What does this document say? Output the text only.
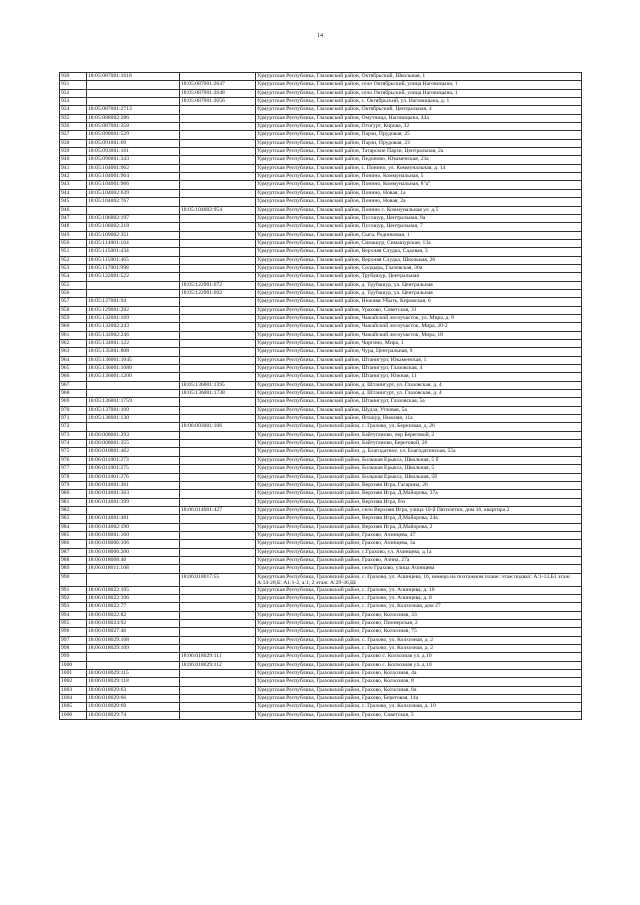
14
930	18:05:087001:1618		Удмуртская Республика, Глазовский район, Октябрьский, Школьная, 1
931		18:05:087001:2647	Удмуртская Республика, Глазовский район, село Октябрьский, улица Наговицына, 1
932		18:05:087001:2648	Удмуртская Республика, Глазовский район, село Октябрьский, улица Наговицына, 1
933		18:05:087001:2656	Удмуртская Республика, Глазовский район, с. Октябрьский, ул. Наговицына, д. 1
934	18:05:087001:2713		Удмуртская Республика, Глазовский район, Октябрьский, Центральная, 4
935	18:05:088002:286		Удмуртская Республика, Глазовский район, Омутница, Наговицына, 44а
936	18:05:087001:358		Удмуртская Республика, Глазовский район, Отогурт, Кирова, 32
937	18:05:090001:529		Удмуртская Республика, Глазовский район, Парзи, Прудовая, 25
938	18:05:091001:69		Удмуртская Республика, Глазовский район, Парзи, Прудовая, 23
939	18:05:093001:161		Удмуртская Республика, Глазовский район, Татарские Парзи, Центральная, 2а
940	18:05:096001:343		Удмуртская Республика, Глазовский район, Педоново, Юкаменская, 23а
941	18:05:104001:962		Удмуртская Республика, Глазовский район, с. Понино, ул. Коммунальная, д. 14
942	18:05:104001:964		Удмуртская Республика, Глазовский район, Понино, Коммунальная, 5
943	18:05:104001:966		Удмуртская Республика, Глазовский район, Понино, Коммунальная, 8"а"
944	18:05:104002:639		Удмуртская Республика, Глазовский район, Понино, Новая, 1а
945	18:05:104002:767		Удмуртская Республика, Глазовский район, Понино, Новая, 2а
946		18:05:104002:954	Удмуртская Республика, Глазовский район, Понино с. Коммунальная ул. д.5
947	18:05:106002:197		Удмуртская Республика, Глазовский район, Пусошур, Центральная, 9а
948	18:05:106002:218		Удмуртская Республика, Глазовский район, Пусошур, Центральная, 7
949	18:05:109002:351		Удмуртская Республика, Глазовский район, Сыга, Родниковая, 1
950	18:05:114001:164		Удмуртская Республика, Глазовский район, Симашур, Симашурская, 13а
951	18:05:115001:434		Удмуртская Республика, Глазовский район, Верхняя Слудка, Садовая, 3
952	18:05:115001:465		Удмуртская Республика, Глазовский район, Верхняя Слудка, Школьная, 26
953	18:05:117001:998		Удмуртская Республика, Глазовский район, Солдырь, Глазовская, 30а
954	18:05:122001:522		Удмуртская Республика, Глазовский район, Трубашур, Центральная
955		18:05:122001:672	Удмуртская Республика, Глазовский район, д. Трубашур, ул. Центральная
956		18:05:122001:692	Удмуртская Республика, Глазовский район, д. Трубашур, ул. Центральная
957	18:05:127001:94		Удмуртская Республика, Глазовский район, Нижняя Убыть, Кировская, 6
958	18:05:129001:282		Удмуртская Республика, Глазовский район, Урахово, Советская, 31
959	18:05:132001:169		Удмуртская Республика, Глазовский район, Чажайский лесоучасток, ул. Мира, д. 9
960	18:05:132002:243		Удмуртская Республика, Глазовский район, Чажайский лесоучасток, Мира, 20-2
961	18:05:132002:246		Удмуртская Республика, Глазовский район, Чажайский лесоучасток, Мира, 18
962	18:05:134001:122		Удмуртская Республика, Глазовский район, Чиргино, Мира, 1
963	18:05:135001:808		Удмуртская Республика, Глазовский район, Чура, Центральная, 9
964	18:05:136001:1045		Удмуртская Республика, Глазовский район, Штанигурт, Юкаменская, 1
965	18:05:136001:1080		Удмуртская Республика, Глазовский район, Штанигурт, Глазовская, 4
966	18:05:136001:1200		Удмуртская Республика, Глазовский район, Штанигурт, Южная, 11
967		18:05:136001:1395	Удмуртская Республика, Глазовский район, д. Штанигурт, ул. Глазовская, д. 4
968		18:05:136001:1738	Удмуртская Республика, Глазовский район, д. Штанигурт, ул. Глазовская, д. 4
969	18:05:136001:1759		Удмуртская Республика, Глазовский район, Штанигурт, Глазовская, 5а
970	18:05:137001:109		Удмуртская Республика, Глазовский район, Шудза, Угловая, 5а
971	18:05:138001:130		Удмуртская Республика, Глазовский район, Ягошур, Нижняя, 11а
972		18:06:003001:106	Удмуртская Республика, Граховский район, с. Грахово, ул. Березовая, д. 26
973	18:06:008001:293		Удмуртская Республика, Граховский район, Байтуганово, пер Береговой, 2
974	18:06:008001:355		Удмуртская Республика, Граховский район, Байтуганово, Береговой, 26
975	18:06:010001:462		Удмуртская Республика, Граховский район, д. Благодатное, ул. Благодатинская, 55а
976	18:06:011001:273		Удмуртская Республика, Граховский район, Большая Ерыкса, Школьная, 5 б
977	18:06:011001:275		Удмуртская Республика, Граховский район, Большая Ерыкса, Школьная, 5
978	18:06:011001:276		Удмуртская Республика, Граховский район, Большая Ерыкса, Школьная, 5б
979	18:06:014001:361		Удмуртская Республика, Граховский район, Верхняя Игра, Гагарина, 26
980	18:06:014001:363		Удмуртская Республика, Граховский район, Верхняя Игра, Д.Майорова, 37а
981	18:06:014001:399		Удмуртская Республика, Граховский район, Верхняя Игра, б/н
982		18:06:014001:427	Удмуртская Республика, Граховский район, село Верхняя Игра, улица 10-й Пятилетки, дом 16, квартира 2
983	18:06:014001:481		Удмуртская Республика, Граховский район, Верхняя Игра, Д.Майорова, 24а
984	18:06:014002:190		Удмуртская Республика, Граховский район, Верхняя Игра, Д.Майорова, 2
985	18:06:018001:160		Удмуртская Республика, Граховский район, Грахово, Ачинцева, 47
986	18:06:018006:106		Удмуртская Республика, Граховский район, Грахово, Ачинцева, 3а
987	18:06:018006:200		Удмуртская Республика, Граховский район, с.Грахово, ул. Ачинцева, д.1а
988	18:06:018008:40		Удмуртская Республика, Граховский район, Грахово, Азина, 27а
989	18:06:018011:108		Удмуртская Республика, Граховский район, село Грахово, улица Ачинцева
990		18:06:018017:55	Удмуртская Республика, Граховский район, с. Грахово, ул. Ачинцева, 16, номера на поэтажном плане: этаж подвал: А:1-13,Б1 этаж: А:14-28,Б: А1:1-2, а:1; 2 этаж: А:29-36,Ш
991	18:06:018022:105		Удмуртская Республика, Граховский район, с. Грахово, ул. Ачинцева, д. 10
992	18:06:018022:106		Удмуртская Республика, Граховский район, с. Грахово, ул. Ачинцева, д. 8
993	18:06:018022:77		Удмуртская Республика, Граховский район, с. Грахово, ул. Колхозная, дом 27
994	18:06:018022:82		Удмуртская Республика, Граховский район, Грахово, Колхозная, 33
995	18:06:018024:92		Удмуртская Республика, Граховский район, Грахово, Пионерская, 2
996	18:06:018027:46		Удмуртская Республика, Граховский район, Грахово, Колхозная, 75
997	18:06:018029:108		Удмуртская Республика, Граховский район, с. Грахово, ул. Колхозная, д. 2
998	18:06:018029:109		Удмуртская Республика, Граховский район, с. Грахово, ул. Колхозная, д. 2
999		18:06:018029:111	Удмуртская Республика, Граховский район, Грахово с. Колхозная ул. д.10
1000		18:06:018029:112	Удмуртская Республика, Граховский район, Грахово с. Колхозная ул. д.10
1001	18:06:018029:115		Удмуртская Республика, Граховский район, Грахово, Колхозная, 4а
1002	18:06:018029:118		Удмуртская Республика, Граховский район, Грахово, Колхозная, 8
1003	18:06:018029:63		Удмуртская Республика, Граховский район, Грахово, Колхозная, 8а
1004	18:06:018029:66		Удмуртская Республика, Граховский район, Грахово, Береговая, 14а
1005	18:06:018029:69		Удмуртская Республика, Граховский район, с. Грахово, ул. Колхозная, д. 10
1006	18:06:018029:74		Удмуртская Республика, Граховский район, Грахово, Советская, 5
